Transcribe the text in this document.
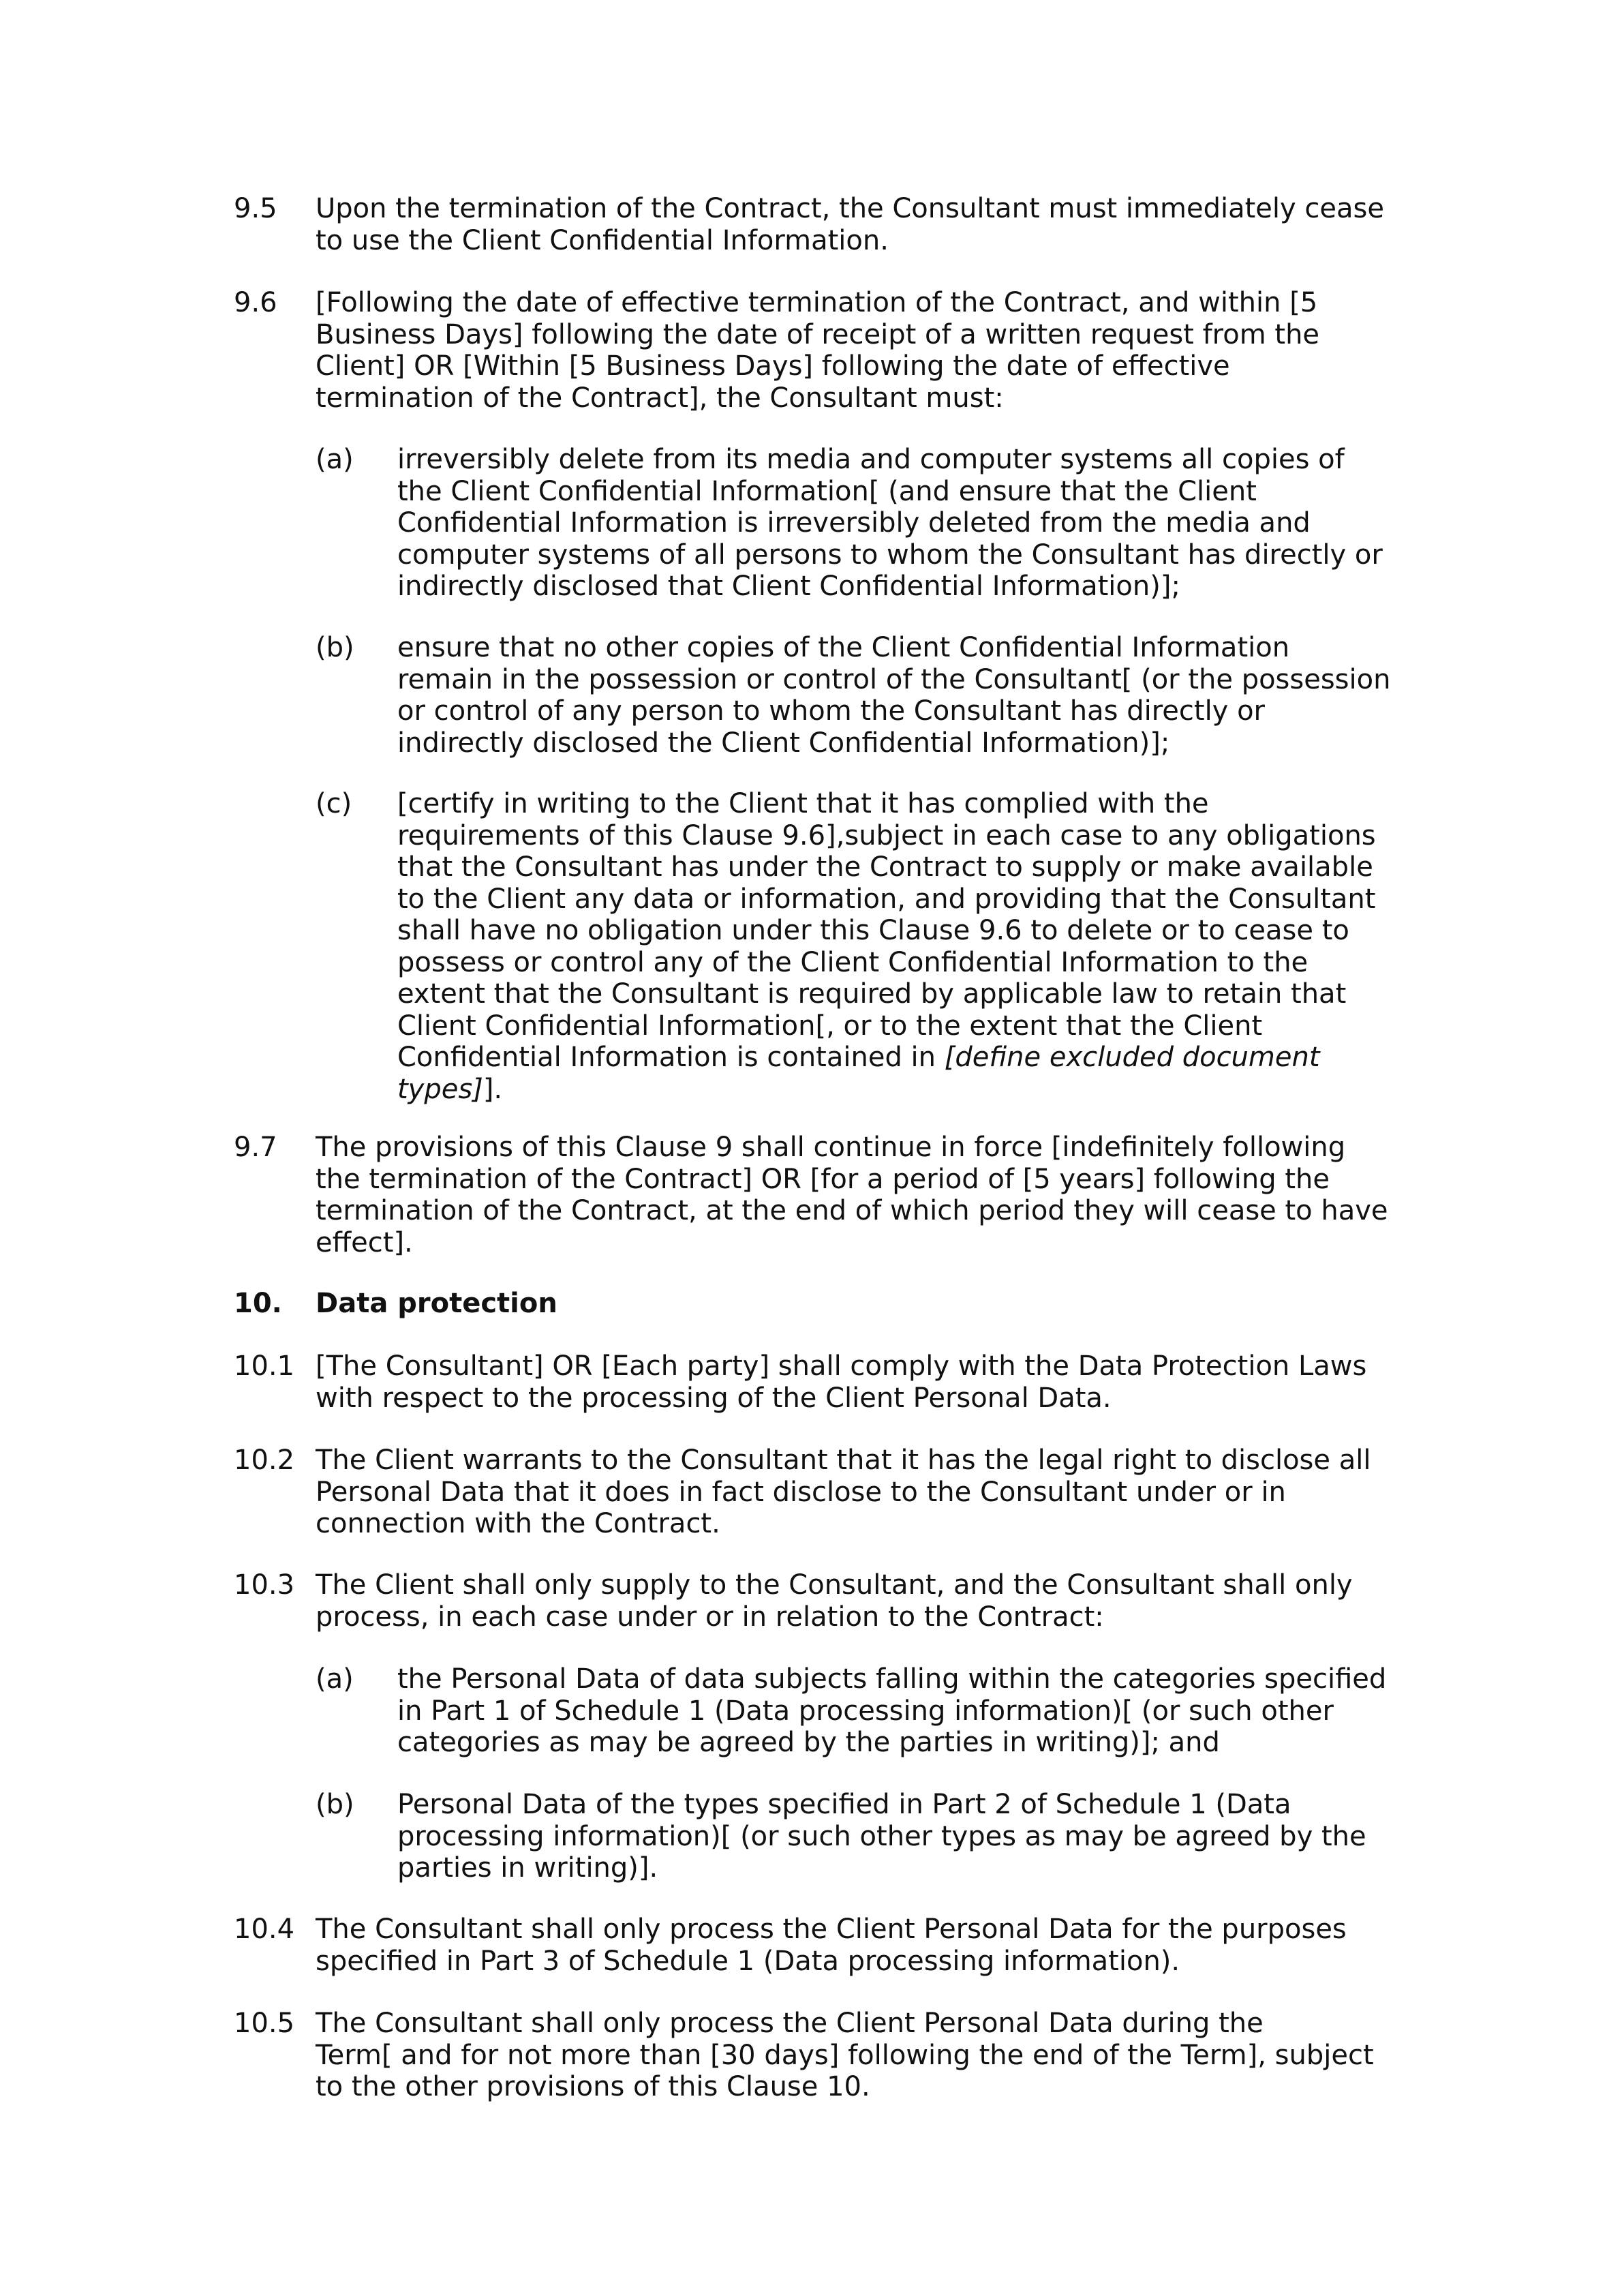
9.5 Upon the termination of the Contract, the Consultant must immediately cease
to use the Client Confidential Information.
9.6 [Following the date of effective termination of the Contract, and within [5
Business Days] following the date of receipt of a written request from the
Client] OR [Within [5 Business Days] following the date of effective
termination of the Contract], the Consultant must:
(a) irreversibly delete from its media and computer systems all copies of
the Client Confidential Information[ (and ensure that the Client
Confidential Information is irreversibly deleted from the media and
computer systems of all persons to whom the Consultant has directly or
indirectly disclosed that Client Confidential Information)];
(b) ensure that no other copies of the Client Confidential Information
remain in the possession or control of the Consultant[ (or the possession
or control of any person to whom the Consultant has directly or
indirectly disclosed the Client Confidential Information)];
(c) [certify in writing to the Client that it has complied with the
requirements of this Clause 9.6],subject in each case to any obligations
that the Consultant has under the Contract to supply or make available
to the Client any data or information, and providing that the Consultant
shall have no obligation under this Clause 9.6 to delete or to cease to
possess or control any of the Client Confidential Information to the
extent that the Consultant is required by applicable law to retain that
Client Confidential Information[, or to the extent that the Client
Confidential Information is contained in [define excluded document
types]].
9.7 The provisions of this Clause 9 shall continue in force [indefinitely following
the termination of the Contract] OR [for a period of [5 years] following the
termination of the Contract, at the end of which period they will cease to have
effect].
10. Data protection
10.1 [The Consultant] OR [Each party] shall comply with the Data Protection Laws
with respect to the processing of the Client Personal Data.
10.2 The Client warrants to the Consultant that it has the legal right to disclose all
Personal Data that it does in fact disclose to the Consultant under or in
connection with the Contract.
10.3 The Client shall only supply to the Consultant, and the Consultant shall only
process, in each case under or in relation to the Contract:
(a) the Personal Data of data subjects falling within the categories specified
in Part 1 of Schedule 1 (Data processing information)[ (or such other
categories as may be agreed by the parties in writing)]; and
(b) Personal Data of the types specified in Part 2 of Schedule 1 (Data
processing information)[ (or such other types as may be agreed by the
parties in writing)].
10.4 The Consultant shall only process the Client Personal Data for the purposes
specified in Part 3 of Schedule 1 (Data processing information).
10.5 The Consultant shall only process the Client Personal Data during the
Term[ and for not more than [30 days] following the end of the Term], subject
to the other provisions of this Clause 10.
